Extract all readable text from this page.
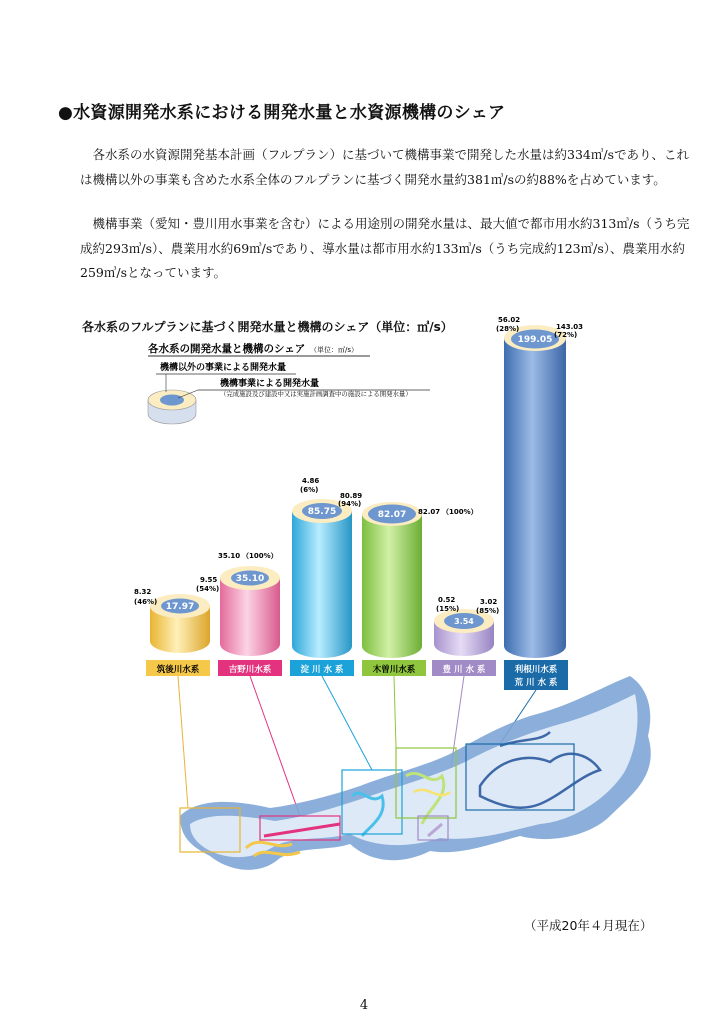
●水資源開発水系における開発水量と水資源機構のシェア
　各水系の水資源開発基本計画（フルプラン）に基づいて機構事業で開発した水量は約334㎥/sであり、これは機構以外の事業も含めた水系全体のフルプランに基づく開発水量約381㎥/sの約88%を占めています。
　機構事業（愛知・豊川用水事業を含む）による用途別の開発水量は、最大値で都市用水約313㎥/s（うち完成約293㎥/s）、農業用水約69㎥/sであり、導水量は都市用水約133㎥/s（うち完成約123㎥/s）、農業用水約259㎥/sとなっています。
各水系の開発水量と機構のシェア （単位：㎥/s）
機構以外の事業による開発水量
機構事業による開発水量
（完成施設及び建設中又は実施計画調査中の施設による開発水量）
17.97
8.32
(46%)
9.55
(54%)
35.10
35.10 （100%）
85.75
4.86
(6%)
80.89
(94%)
82.07 82.07 （100%）
3.54
0.52
(15%)
3.02
(85%)
199.05
56.02
(28%)	143.03
(72%)
筑後川水系	吉野川水系	淀 川 水 系	木曽川水系	豊 川 水 系	利根川水系
荒 川 水 系
各水系のフルプランに基づく開発水量と機構のシェア（単位：㎥/s）
（平成20年４月現在）
4
